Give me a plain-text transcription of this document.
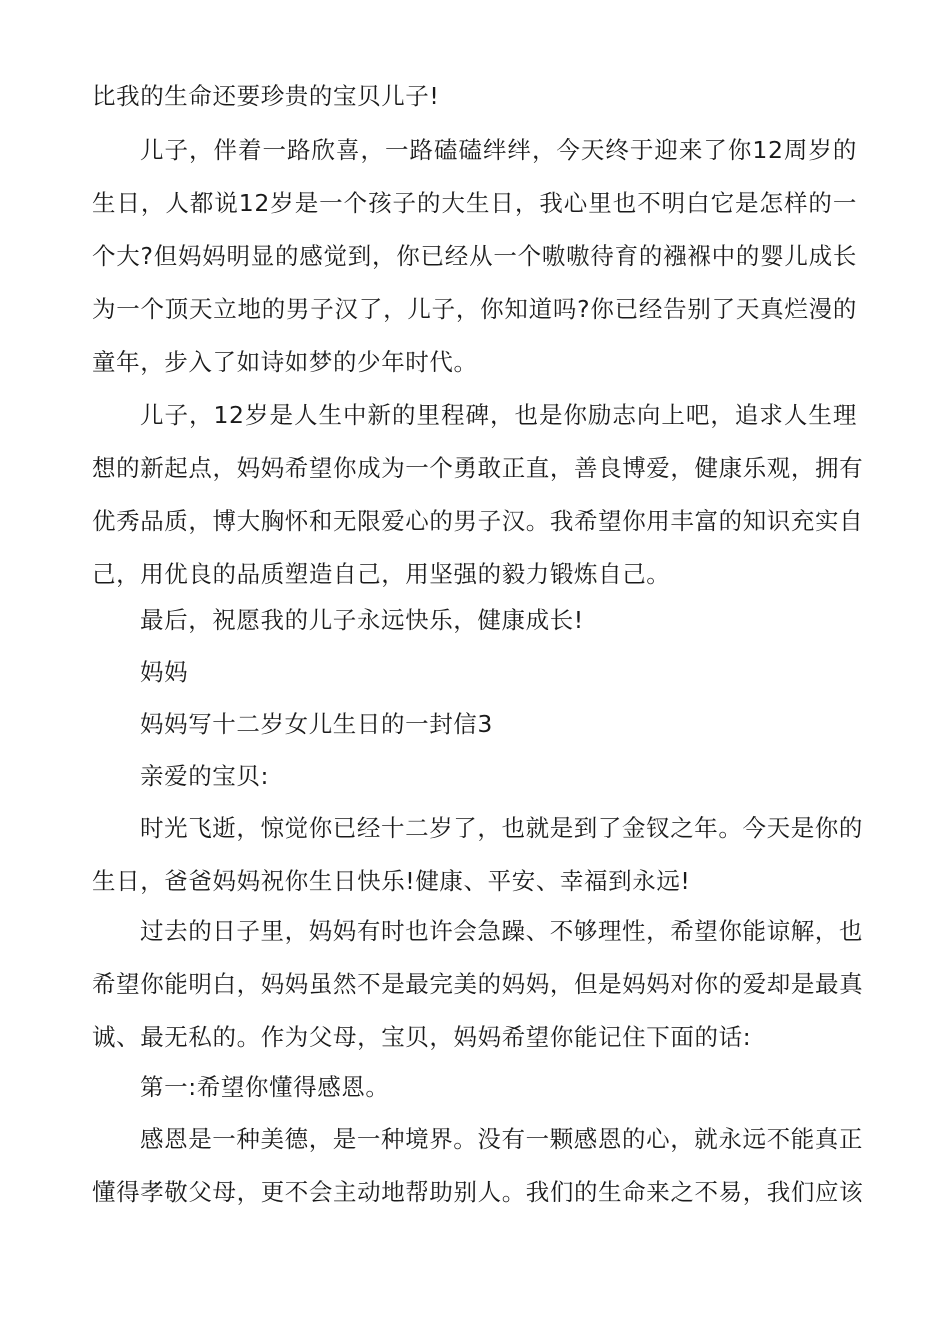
比我的生命还要珍贵的宝贝儿子!
儿子，伴着一路欣喜，一路磕磕绊绊，今天终于迎来了你12周岁的
生日，人都说12岁是一个孩子的大生日，我心里也不明白它是怎样的一
个大?但妈妈明显的感觉到，你已经从一个嗷嗷待育的襁褓中的婴儿成长
为一个顶天立地的男子汉了，儿子，你知道吗?你已经告别了天真烂漫的
童年，步入了如诗如梦的少年时代。
儿子，12岁是人生中新的里程碑，也是你励志向上吧，追求人生理
想的新起点，妈妈希望你成为一个勇敢正直，善良博爱，健康乐观，拥有
优秀品质，博大胸怀和无限爱心的男子汉。我希望你用丰富的知识充实自
己，用优良的品质塑造自己，用坚强的毅力锻炼自己。
最后，祝愿我的儿子永远快乐，健康成长!
妈妈
妈妈写十二岁女儿生日的一封信3
亲爱的宝贝:
时光飞逝，惊觉你已经十二岁了，也就是到了金钗之年。今天是你的
生日，爸爸妈妈祝你生日快乐!健康、平安、幸福到永远!
过去的日子里，妈妈有时也许会急躁、不够理性，希望你能谅解，也
希望你能明白，妈妈虽然不是最完美的妈妈，但是妈妈对你的爱却是最真
诚、最无私的。作为父母，宝贝，妈妈希望你能记住下面的话:
第一:希望你懂得感恩。
感恩是一种美德，是一种境界。没有一颗感恩的心，就永远不能真正
懂得孝敬父母，更不会主动地帮助别人。我们的生命来之不易，我们应该
